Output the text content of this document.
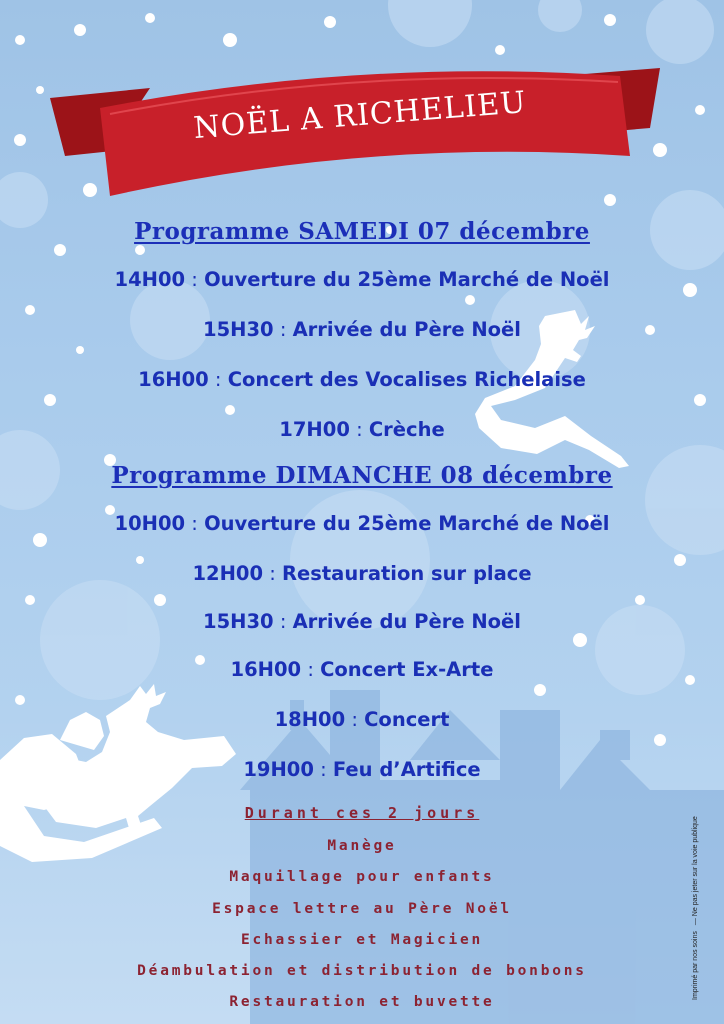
NOËL A RICHELIEU
Programme SAMEDI 07 décembre
14H00 : Ouverture du 25ème Marché de Noël
15H30 : Arrivée du Père Noël
16H00 : Concert des Vocalises Richelaise
17H00 : Crèche
Programme DIMANCHE 08 décembre
10H00 : Ouverture du 25ème Marché de Noël
12H00 : Restauration sur place
15H30 : Arrivée du Père Noël
16H00 : Concert Ex-Arte
18H00 : Concert
19H00 : Feu d’Artifice
Durant ces 2 jours
Manège
Maquillage pour enfants
Espace lettre au Père Noël
Echassier et Magicien
Déambulation et distribution de bonbons
Restauration et buvette
Imprimé par nos soins— Ne pas jeter sur la voie publique
